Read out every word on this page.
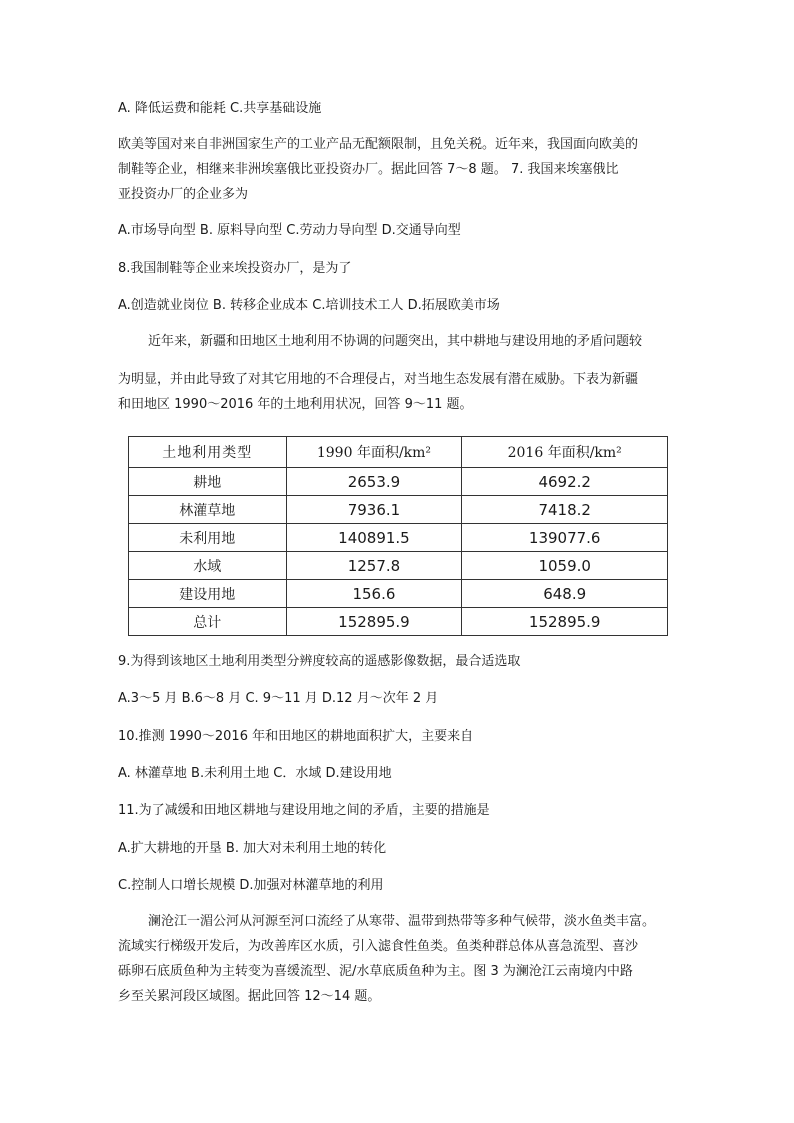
A. 降低运费和能耗 C.共享基础设施
欧美等国对来自非洲国家生产的工业产品无配额限制，且免关税。近年来，我国面向欧美的
制鞋等企业，相继来非洲埃塞俄比亚投资办厂。据此回答 7～8 题。 7. 我国来埃塞俄比
亚投资办厂的企业多为
A.市场导向型 B. 原料导向型 C.劳动力导向型 D.交通导向型
8.我国制鞋等企业来埃投资办厂，是为了
A.创造就业岗位 B. 转移企业成本 C.培训技术工人 D.拓展欧美市场
近年来，新疆和田地区土地利用不协调的问题突出，其中耕地与建设用地的矛盾问题较
为明显，并由此导致了对其它用地的不合理侵占，对当地生态发展有潜在威胁。下表为新疆
和田地区 1990～2016 年的土地利用状况，回答 9～11 题。
土地利用类型	1990 年面积/km²	2016 年面积/km²
耕地	2653.9	4692.2
林灌草地	7936.1	7418.2
未利用地	140891.5	139077.6
水域	1257.8	1059.0
建设用地	156.6	648.9
总计	152895.9	152895.9
9.为得到该地区土地利用类型分辨度较高的遥感影像数据，最合适选取
A.3～5 月 B.6～8 月 C. 9～11 月 D.12 月～次年 2 月
10.推测 1990～2016 年和田地区的耕地面积扩大，主要来自
A. 林灌草地 B.未利用土地 C．水域 D.建设用地
11.为了减缓和田地区耕地与建设用地之间的矛盾，主要的措施是
A.扩大耕地的开垦 B. 加大对未利用土地的转化
C.控制人口增长规模 D.加强对林灌草地的利用
澜沧江一湄公河从河源至河口流经了从寒带、温带到热带等多种气候带，淡水鱼类丰富。
流域实行梯级开发后，为改善库区水质，引入滤食性鱼类。鱼类种群总体从喜急流型、喜沙
砾卵石底质鱼种为主转变为喜缓流型、泥/水草底质鱼种为主。图 3 为澜沧江云南境内中路
乡至关累河段区域图。据此回答 12～14 题。
